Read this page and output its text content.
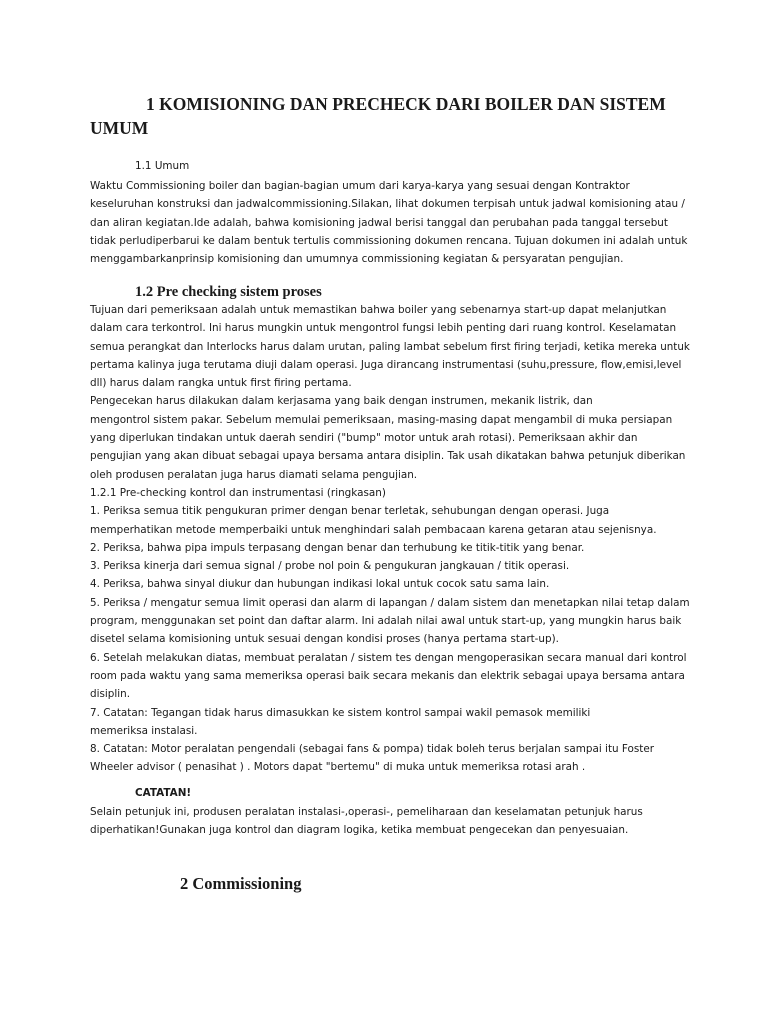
1 KOMISIONING DAN PRECHECK DARI BOILER DAN SISTEM UMUM
1.1 Umum
Waktu Commissioning boiler dan bagian-bagian umum dari karya-karya yang sesuai dengan Kontraktor
keseluruhan konstruksi dan jadwalcommissioning.Silakan, lihat dokumen terpisah untuk jadwal komisioning atau /
dan aliran kegiatan.Ide adalah, bahwa komisioning jadwal berisi tanggal dan perubahan pada tanggal tersebut
tidak perludiperbarui ke dalam bentuk tertulis commissioning dokumen rencana. Tujuan dokumen ini adalah untuk
menggambarkanprinsip komisioning dan umumnya commissioning kegiatan & persyaratan pengujian.
1.2 Pre checking sistem proses
Tujuan dari pemeriksaan adalah untuk memastikan bahwa boiler yang sebenarnya start-up dapat melanjutkan
dalam cara terkontrol. Ini harus mungkin untuk mengontrol fungsi lebih penting dari ruang kontrol. Keselamatan
semua perangkat dan Interlocks harus dalam urutan, paling lambat sebelum first firing terjadi, ketika mereka untuk
pertama kalinya juga terutama diuji dalam operasi. Juga dirancang instrumentasi (suhu,pressure, flow,emisi,level
dll) harus dalam rangka untuk first firing pertama.
Pengecekan harus dilakukan dalam kerjasama yang baik dengan instrumen, mekanik listrik, dan
mengontrol sistem pakar. Sebelum memulai pemeriksaan, masing-masing dapat mengambil di muka persiapan
yang diperlukan tindakan untuk daerah sendiri ("bump" motor untuk arah rotasi). Pemeriksaan akhir dan
pengujian yang akan dibuat sebagai upaya bersama antara disiplin. Tak usah dikatakan bahwa petunjuk diberikan
oleh produsen peralatan juga harus diamati selama pengujian.
1.2.1 Pre-checking kontrol dan instrumentasi (ringkasan)
1. Periksa semua titik pengukuran primer dengan benar terletak, sehubungan dengan operasi. Juga
memperhatikan metode memperbaiki untuk menghindari salah pembacaan karena getaran atau sejenisnya.
2. Periksa, bahwa pipa impuls terpasang dengan benar dan terhubung ke titik-titik yang benar.
3. Periksa kinerja dari semua signal / probe nol poin & pengukuran jangkauan / titik operasi.
4. Periksa, bahwa sinyal diukur dan hubungan indikasi lokal untuk cocok satu sama lain.
5. Periksa / mengatur semua limit operasi dan alarm di lapangan / dalam sistem dan menetapkan nilai tetap dalam
program, menggunakan set point dan daftar alarm. Ini adalah nilai awal untuk start-up, yang mungkin harus baik
disetel selama komisioning untuk sesuai dengan kondisi proses (hanya pertama start-up).
6. Setelah melakukan diatas, membuat peralatan / sistem tes dengan mengoperasikan secara manual dari kontrol
room pada waktu yang sama memeriksa operasi baik secara mekanis dan elektrik sebagai upaya bersama antara
disiplin.
7. Catatan: Tegangan tidak harus dimasukkan ke sistem kontrol sampai wakil pemasok memiliki
memeriksa instalasi.
8. Catatan: Motor peralatan pengendali (sebagai fans & pompa) tidak boleh terus berjalan sampai itu Foster
Wheeler advisor ( penasihat ) . Motors dapat "bertemu" di muka untuk memeriksa rotasi arah .
CATATAN!
Selain petunjuk ini, produsen peralatan instalasi-,operasi-, pemeliharaan dan keselamatan petunjuk harus
diperhatikan!Gunakan juga kontrol dan diagram logika, ketika membuat pengecekan dan penyesuaian.
2 Commissioning
